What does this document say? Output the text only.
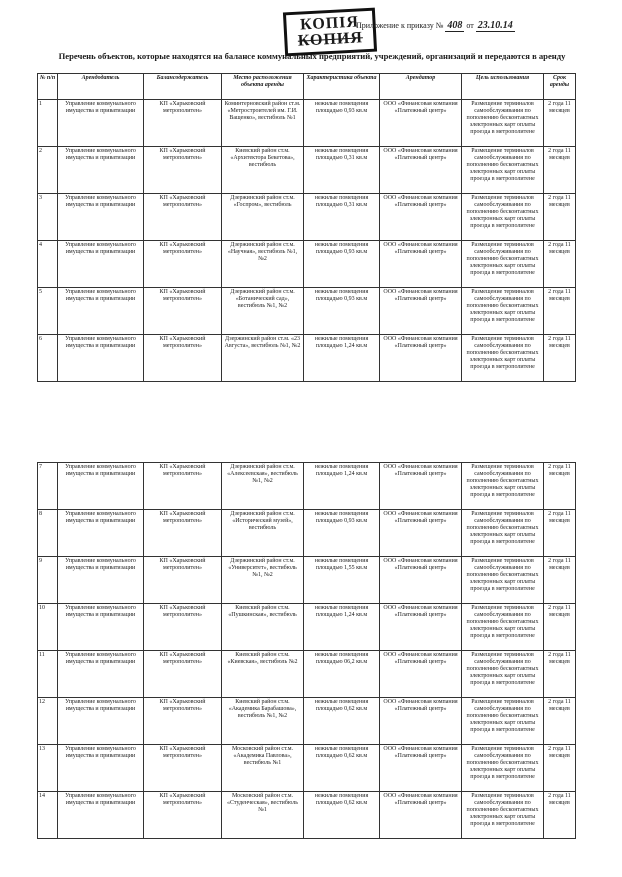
КОПІЯ
КОПИЯ
Приложение к приказу № 408 от 23.10.14
Перечень объектов, которые находятся на балансе коммунальных предприятий, учреждений, организаций и передаются в аренду
№ п/п	Арендодатель	Балансодержатель	Место расположения объекта аренды	Характеристика объекта	Арендатор	Цель использования	Срок аренды
1	Управление коммунального имущества и приватизации	КП «Харьковский метрополитен»	Коминтерновский район ст.м. «Метростроителей им. Г.И. Ващенко», вестибюль №1	нежилые помещения площадью 0,93 кв.м	ООО «Финансовая компания «Платежный центр»	Размещение терминалов самообслуживания по пополнению бесконтактных электронных карт оплаты проезда в метрополитене	2 года 11 месяцев
2	Управление коммунального имущества и приватизации	КП «Харьковский метрополитен»	Киевский район ст.м. «Архитектора Бекетова», вестибюль	нежилые помещения площадью 0,31 кв.м	ООО «Финансовая компания «Платежный центр»	Размещение терминалов самообслуживания по пополнению бесконтактных электронных карт оплаты проезда в метрополитене	2 года 11 месяцев
3	Управление коммунального имущества и приватизации	КП «Харьковский метрополитен»	Дзержинский район ст.м. «Госпром», вестибюль	нежилые помещения площадью 0,31 кв.м	ООО «Финансовая компания «Платежный центр»	Размещение терминалов самообслуживания по пополнению бесконтактных электронных карт оплаты проезда в метрополитене	2 года 11 месяцев
4	Управление коммунального имущества и приватизации	КП «Харьковский метрополитен»	Дзержинский район ст.м. «Научная», вестибюль №1, №2	нежилые помещения площадью 0,93 кв.м	ООО «Финансовая компания «Платежный центр»	Размещение терминалов самообслуживания по пополнению бесконтактных электронных карт оплаты проезда в метрополитене	2 года 11 месяцев
5	Управление коммунального имущества и приватизации	КП «Харьковский метрополитен»	Дзержинский район ст.м. «Ботанический сад», вестибюль №1, №2	нежилые помещения площадью 0,93 кв.м	ООО «Финансовая компания «Платежный центр»	Размещение терминалов самообслуживания по пополнению бесконтактных электронных карт оплаты проезда в метрополитене	2 года 11 месяцев
6	Управление коммунального имущества и приватизации	КП «Харьковский метрополитен»	Дзержинский район ст.м. «23 Августа», вестибюль №1, №2	нежилые помещения площадью 1,24 кв.м	ООО «Финансовая компания «Платежный центр»	Размещение терминалов самообслуживания по пополнению бесконтактных электронных карт оплаты проезда в метрополитене	2 года 11 месяцев
7	Управление коммунального имущества и приватизации	КП «Харьковский метрополитен»	Дзержинский район ст.м. «Алексеевская», вестибюль №1, №2	нежилые помещения площадью 1,24 кв.м	ООО «Финансовая компания «Платежный центр»	Размещение терминалов самообслуживания по пополнению бесконтактных электронных карт оплаты проезда в метрополитене	2 года 11 месяцев
8	Управление коммунального имущества и приватизации	КП «Харьковский метрополитен»	Дзержинский район ст.м. «Исторический музей», вестибюль	нежилые помещения площадью 0,93 кв.м	ООО «Финансовая компания «Платежный центр»	Размещение терминалов самообслуживания по пополнению бесконтактных электронных карт оплаты проезда в метрополитене	2 года 11 месяцев
9	Управление коммунального имущества и приватизации	КП «Харьковский метрополитен»	Дзержинский район ст.м. «Университет», вестибюль №1, №2	нежилые помещения площадью 1,55 кв.м	ООО «Финансовая компания «Платежный центр»	Размещение терминалов самообслуживания по пополнению бесконтактных электронных карт оплаты проезда в метрополитене	2 года 11 месяцев
10	Управление коммунального имущества и приватизации	КП «Харьковский метрополитен»	Киевский район ст.м. «Пушкинская», вестибюль	нежилые помещения площадью 1,24 кв.м	ООО «Финансовая компания «Платежный центр»	Размещение терминалов самообслуживания по пополнению бесконтактных электронных карт оплаты проезда в метрополитене	2 года 11 месяцев
11	Управление коммунального имущества и приватизации	КП «Харьковский метрополитен»	Киевский район ст.м. «Киевская», вестибюль №2	нежилые помещения площадью 06,2 кв.м	ООО «Финансовая компания «Платежный центр»	Размещение терминалов самообслуживания по пополнению бесконтактных электронных карт оплаты проезда в метрополитене	2 года 11 месяцев
12	Управление коммунального имущества и приватизации	КП «Харьковский метрополитен»	Киевский район ст.м. «Академика Барабашова», вестибюль №1, №2	нежилые помещения площадью 0,62 кв.м	ООО «Финансовая компания «Платежный центр»	Размещение терминалов самообслуживания по пополнению бесконтактных электронных карт оплаты проезда в метрополитене	2 года 11 месяцев
13	Управление коммунального имущества и приватизации	КП «Харьковский метрополитен»	Московский район ст.м. «Академика Павлова», вестибюль №1	нежилые помещения площадью 0,62 кв.м	ООО «Финансовая компания «Платежный центр»	Размещение терминалов самообслуживания по пополнению бесконтактных электронных карт оплаты проезда в метрополитене	2 года 11 месяцев
14	Управление коммунального имущества и приватизации	КП «Харьковский метрополитен»	Московский район ст.м. «Студенческая», вестибюль №1	нежилые помещения площадью 0,62 кв.м	ООО «Финансовая компания «Платежный центр»	Размещение терминалов самообслуживания по пополнению бесконтактных электронных карт оплаты проезда в метрополитене	2 года 11 месяцев
